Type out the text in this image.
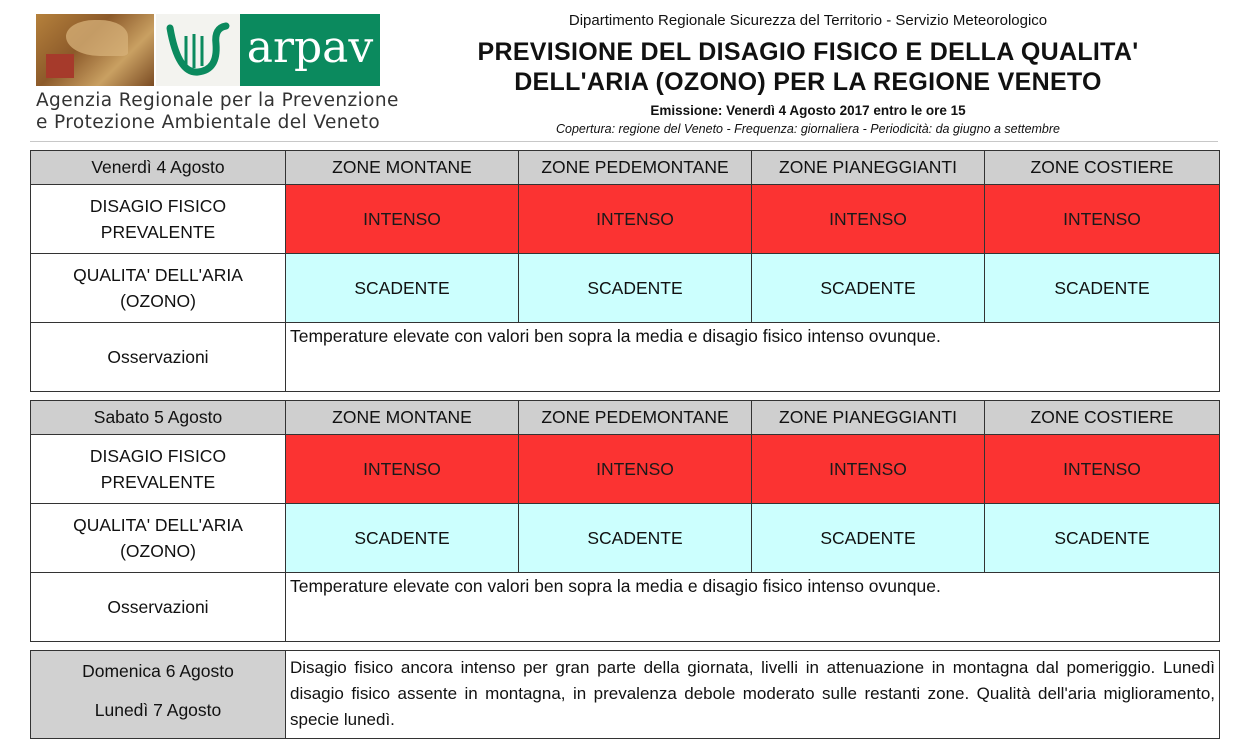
arpav
Agenzia Regionale per la Prevenzione
e Protezione Ambientale del Veneto
Dipartimento Regionale Sicurezza del Territorio - Servizio Meteorologico
PREVISIONE DEL DISAGIO FISICO E DELLA QUALITA'
DELL'ARIA (OZONO) PER LA REGIONE VENETO
Emissione: Venerdì 4 Agosto 2017 entro le ore 15
Copertura: regione del Veneto - Frequenza: giornaliera - Periodicità: da giugno a settembre
Venerdì 4 Agosto	ZONE MONTANE	ZONE PEDEMONTANE	ZONE PIANEGGIANTI	ZONE COSTIERE

DISAGIO FISICO
PREVALENTE	INTENSO	INTENSO	INTENSO	INTENSO

QUALITA' DELL'ARIA
(OZONO)	SCADENTE	SCADENTE	SCADENTE	SCADENTE
Osservazioni	Temperature elevate con valori ben sopra la media e disagio fisico intenso ovunque.			
Sabato 5 Agosto	ZONE MONTANE	ZONE PEDEMONTANE	ZONE PIANEGGIANTI	ZONE COSTIERE

DISAGIO FISICO
PREVALENTE	INTENSO	INTENSO	INTENSO	INTENSO

QUALITA' DELL'ARIA
(OZONO)	SCADENTE	SCADENTE	SCADENTE	SCADENTE
Osservazioni	Temperature elevate con valori ben sopra la media e disagio fisico intenso ovunque.			
Domenica 6 Agosto
Lunedì 7 Agosto
	Disagio fisico ancora intenso per gran parte della giornata, livelli in attenuazione in montagna dal pomeriggio. Lunedì disagio fisico assente in montagna, in prevalenza debole moderato sulle restanti zone. Qualità dell'aria miglioramento, specie lunedì.
